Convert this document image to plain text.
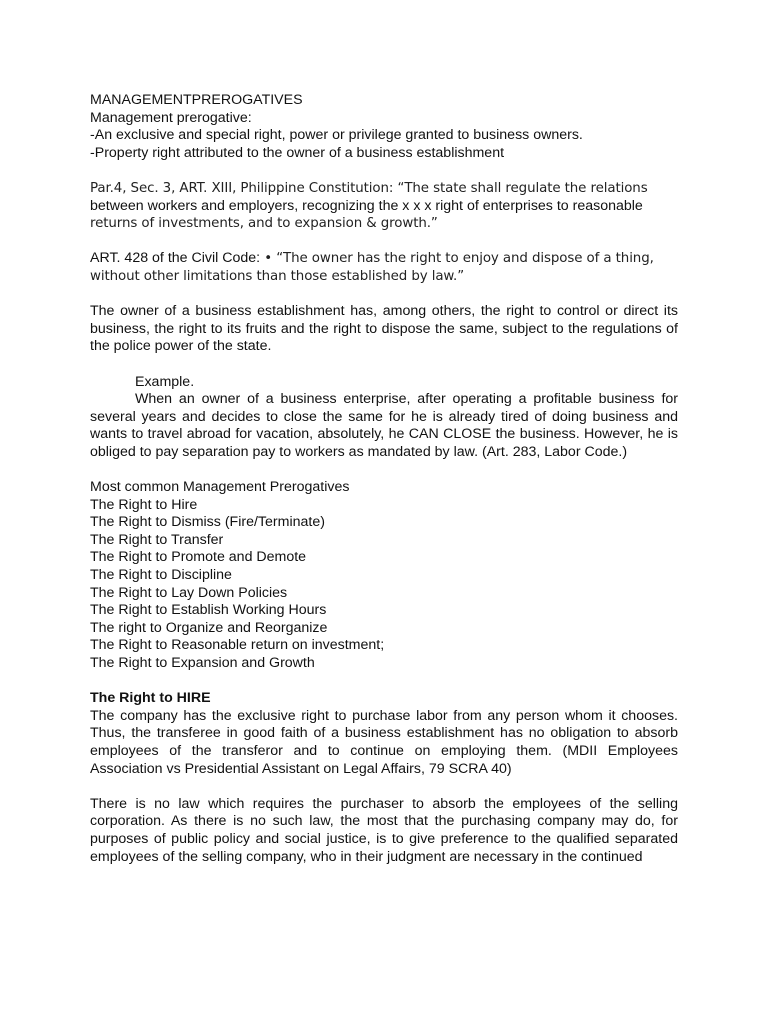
MANAGEMENTPREROGATIVES
Management prerogative:
-An exclusive and special right, power or privilege granted to business owners.
-Property right attributed to the owner of a business establishment
Par.4, Sec. 3, ART. XIII, Philippine Constitution: “The state shall regulate the relations
between workers and employers, recognizing the x x x right of enterprises to reasonable
returns of investments, and to expansion & growth.”
ART. 428 of the Civil Code: • “The owner has the right to enjoy and dispose of a thing,
without other limitations than those established by law.”

The owner of a business establishment has, among others, the right to control or direct its business, the right to its fruits and the right to dispose the same, subject to the regulations of the police power of the state.

Example.

When an owner of a business enterprise, after operating a profitable business for several years and decides to close the same for he is already tired of doing business and wants to travel abroad for vacation, absolutely, he CAN CLOSE the business. However, he is obliged to pay separation pay to workers as mandated by law. (Art. 283, Labor Code.)

Most common Management Prerogatives
The Right to Hire
The Right to Dismiss (Fire/Terminate)
The Right to Transfer
The Right to Promote and Demote
The Right to Discipline
The Right to Lay Down Policies
The Right to Establish Working Hours
The right to Organize and Reorganize
The Right to Reasonable return on investment;
The Right to Expansion and Growth
The Right to HIRE

The company has the exclusive right to purchase labor from any person whom it chooses. Thus, the transferee in good faith of a business establishment has no obligation to absorb employees of the transferor and to continue on employing them. (MDII Employees Association vs Presidential Assistant on Legal Affairs, 79 SCRA 40)

There is no law which requires the purchaser to absorb the employees of the selling corporation. As there is no such law, the most that the purchasing company may do, for purposes of public policy and social justice, is to give preference to the qualified separated employees of the selling company, who in their judgment are necessary in the continued
